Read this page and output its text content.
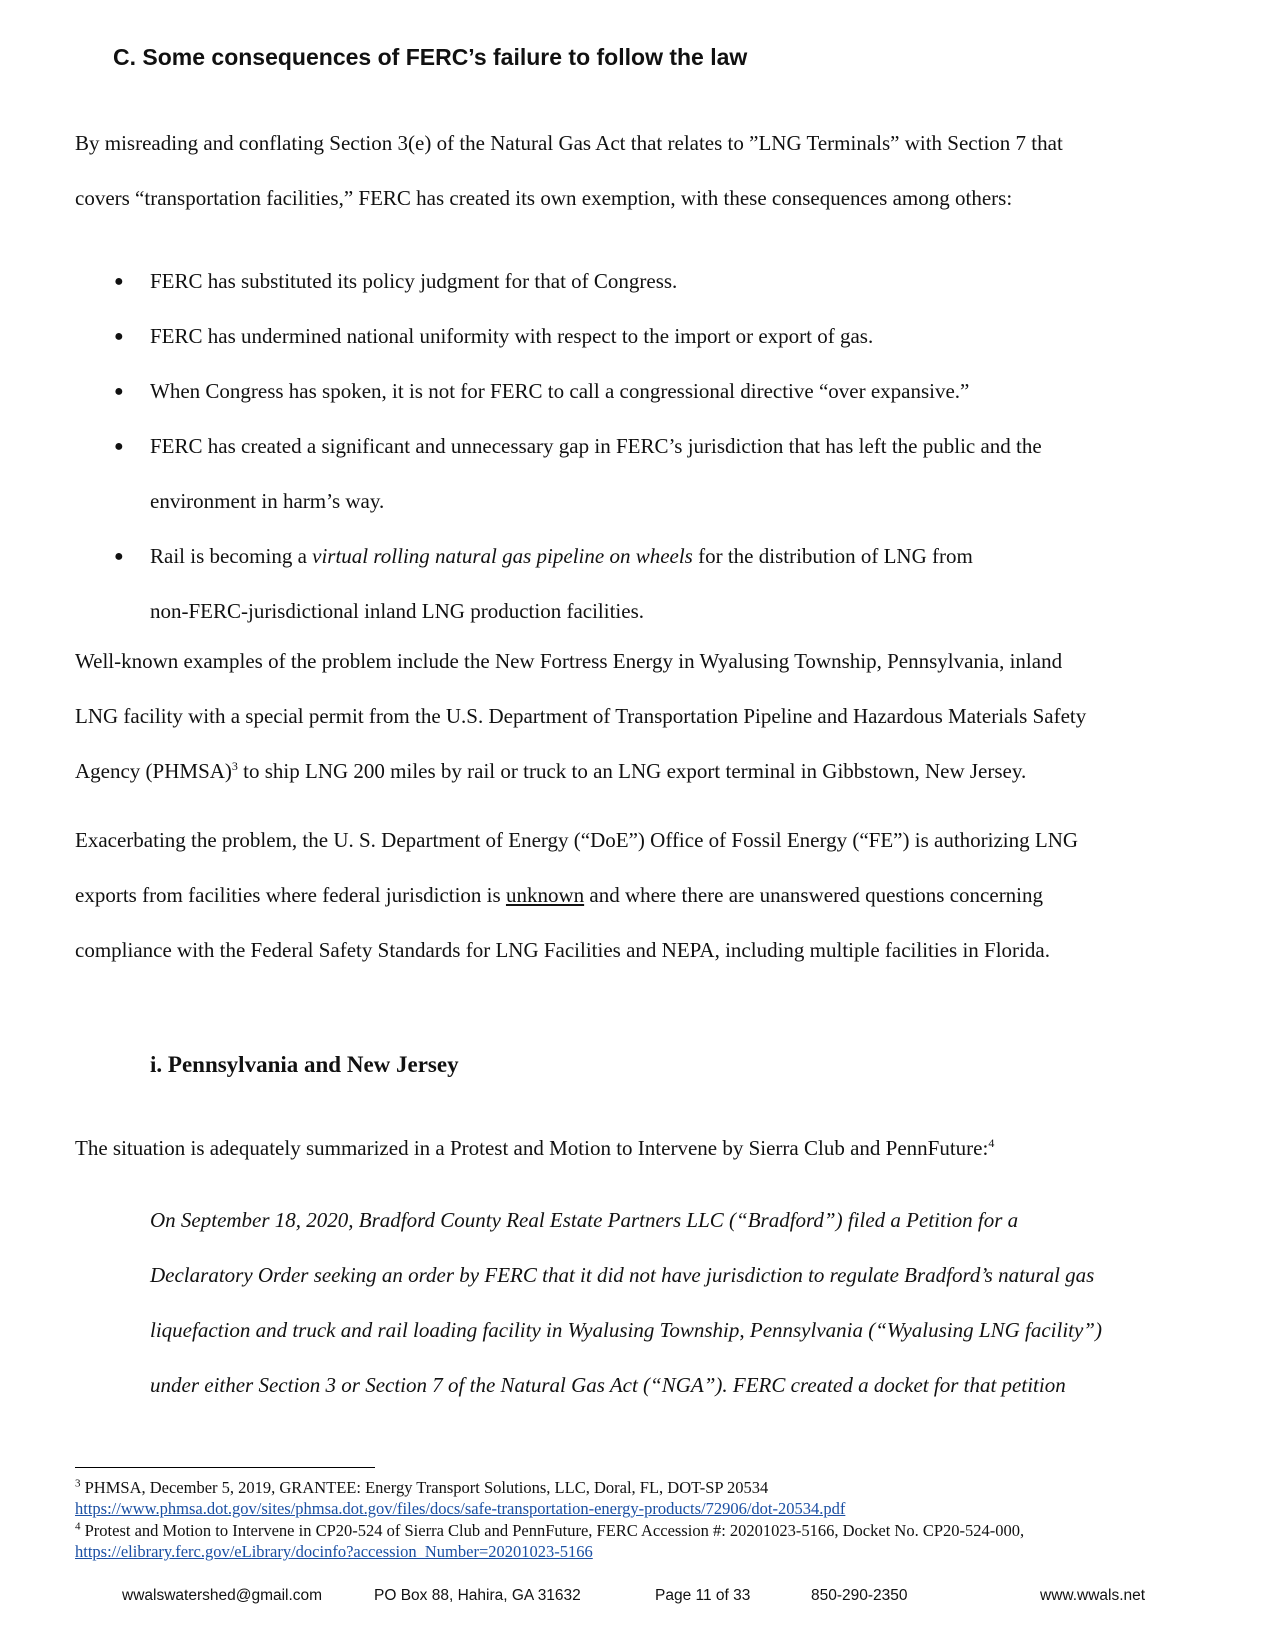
C. Some consequences of FERC’s failure to follow the law

By misreading and conflating Section 3(e) of the Natural Gas Act that relates to ”LNG Terminals” with Section 7 that
covers “transportation facilities,” FERC has created its own exemption, with these consequences among others:

● FERC has substituted its policy judgment for that of Congress.
● FERC has undermined national uniformity with respect to the import or export of gas.
● When Congress has spoken, it is not for FERC to call a congressional directive “over expansive.”
● FERC has created a significant and unnecessary gap in FERC’s jurisdiction that has left the public and the
environment in harm’s way.
● Rail is becoming a virtual rolling natural gas pipeline on wheels for the distribution of LNG from
non-FERC-jurisdictional inland LNG production facilities.

Well-known examples of the problem include the New Fortress Energy in Wyalusing Township, Pennsylvania, inland
LNG facility with a special permit from the U.S. Department of Transportation Pipeline and Hazardous Materials Safety
Agency (PHMSA)$^3$ to ship LNG 200 miles by rail or truck to an LNG export terminal in Gibbstown, New Jersey.

Exacerbating the problem, the U. S. Department of Energy (“DoE”) Office of Fossil Energy (“FE”) is authorizing LNG
exports from facilities where federal jurisdiction is unknown and where there are unanswered questions concerning
compliance with the Federal Safety Standards for LNG Facilities and NEPA, including multiple facilities in Florida.

i. Pennsylvania and New Jersey

The situation is adequately summarized in a Protest and Motion to Intervene by Sierra Club and PennFuture:$^4$

On September 18, 2020, Bradford County Real Estate Partners LLC (“Bradford”) filed a Petition for a
Declaratory Order seeking an order by FERC that it did not have jurisdiction to regulate Bradford’s natural gas
liquefaction and truck and rail loading facility in Wyalusing Township, Pennsylvania (“Wyalusing LNG facility”)
under either Section 3 or Section 7 of the Natural Gas Act (“NGA”). FERC created a docket for that petition

$^3$ PHMSA, December 5, 2019, GRANTEE: Energy Transport Solutions, LLC, Doral, FL, DOT-SP 20534
https://www.phmsa.dot.gov/sites/phmsa.dot.gov/files/docs/safe-transportation-energy-products/72906/dot-20534.pdf
$^4$ Protest and Motion to Intervene in CP20-524 of Sierra Club and PennFuture, FERC Accession #: 20201023-5166, Docket No. CP20-524-000,
https://elibrary.ferc.gov/eLibrary/docinfo?accession_Number=20201023-5166
wwalswatershed@gmail.com	PO Box 88, Hahira, GA 31632	Page 11 of 33	850-290-2350	www.wwals.net
